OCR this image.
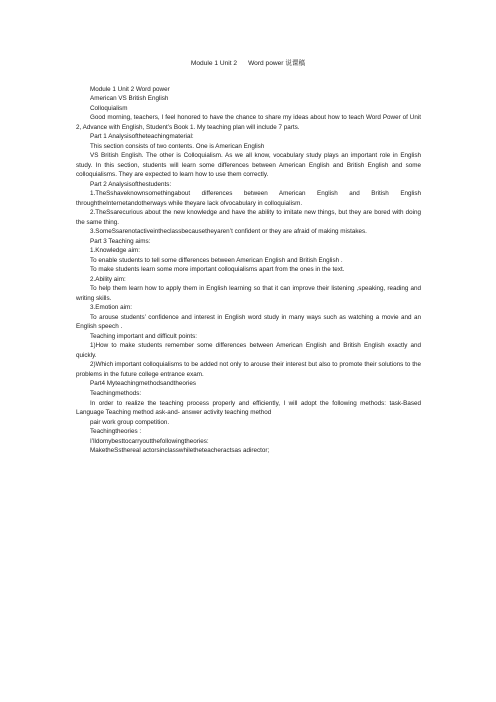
Module 1 Unit 2      Word power 说课稿

Module 1 Unit 2 Word power

American VS British English

Colloquialism

Good morning, teachers, I feel honored to have the chance to share my ideas about how to teach Word Power of Unit 2, Advance with English, Student’s Book 1. My teaching plan will include 7 parts.

Part 1 Analysisoftheteachingmaterial:

This section consists of two contents. One is American English

VS British English. The other is Colloquialism. As we all know, vocabulary study plays an important role in English study. In this section, students will learn some differences between American English and British English and some colloquialisms. They are expected to learn how to use them correctly.

Part 2 Analysisofthestudents:

1.TheSshaveknownsomethingabout differences between American English and British English throughtheInternetandotherways while theyare lack ofvocabulary in colloquialism.

2.TheSsarecurious about the new knowledge and have the ability to imitate new things, but they are bored with doing the same thing.

3.SomeSsarenotactiveintheclassbecausetheyaren’t confident or they are afraid of making mistakes.

Part 3 Teaching aims:

1.Knowledge aim:

To enable students to tell some differences between American English and British English .

To make students learn some more important colloquialisms apart from the ones in the text.

2.Ability aim:

To help them learn how to apply them in English learning so that it can improve their listening ,speaking, reading and writing skills.

3.Emotion aim:

To arouse students’ confidence and interest in English word study in many ways such as watching a movie and an English speech .

Teaching important and difficult points:

1)How to make students remember some differences between American English and British English exactly and quickly.

2)Which important colloquialisms to be added not only to arouse their interest but also to promote their solutions to the problems in the future college entrance exam.

Part4 Myteachingmethodsandtheories

Teachingmethods:

In order to realize the teaching process properly and efficiently, I will adopt the following methods: task-Based Language Teaching method ask-and- answer activity teaching method

pair work group competition.

Teachingtheories :

I’lldomybesttocarryoutthefollowingtheories:

MaketheSsthereal actorsinclasswhiletheteacheractsas adirector;
